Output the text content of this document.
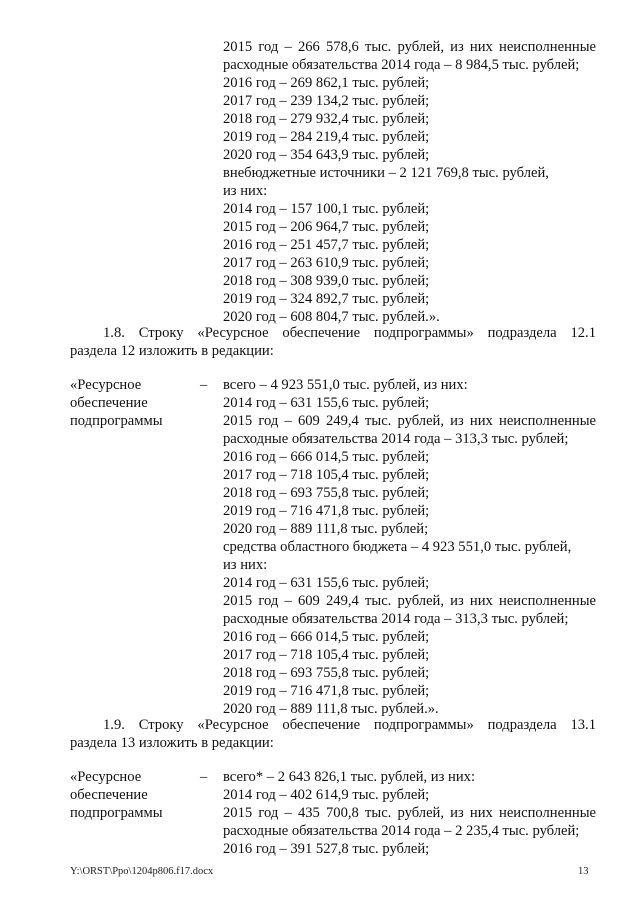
2015 год – 266 578,6 тыс. рублей, из них неисполненные
расходные обязательства 2014 года – 8 984,5 тыс. рублей;
2016 год – 269 862,1 тыс. рублей;
2017 год – 239 134,2 тыс. рублей;
2018 год – 279 932,4 тыс. рублей;
2019 год – 284 219,4 тыс. рублей;
2020 год – 354 643,9 тыс. рублей;
внебюджетные источники – 2 121 769,8 тыс. рублей,
из них:
2014 год – 157 100,1 тыс. рублей;
2015 год – 206 964,7 тыс. рублей;
2016 год – 251 457,7 тыс. рублей;
2017 год – 263 610,9 тыс. рублей;
2018 год – 308 939,0 тыс. рублей;
2019 год – 324 892,7 тыс. рублей;
2020 год – 608 804,7 тыс. рублей.».
1.8. Строку «Ресурсное обеспечение подпрограммы» подраздела 12.1
раздела 12 изложить в редакции:
«Ресурсное
обеспечение
подпрограммы
– всего – 4 923 551,0 тыс. рублей, из них:
2014 год – 631 155,6 тыс. рублей;
2015 год – 609 249,4 тыс. рублей, из них неисполненные
расходные обязательства 2014 года – 313,3 тыс. рублей;
2016 год – 666 014,5 тыс. рублей;
2017 год – 718 105,4 тыс. рублей;
2018 год – 693 755,8 тыс. рублей;
2019 год – 716 471,8 тыс. рублей;
2020 год – 889 111,8 тыс. рублей;
средства областного бюджета – 4 923 551,0 тыс. рублей,
из них:
2014 год – 631 155,6 тыс. рублей;
2015 год – 609 249,4 тыс. рублей, из них неисполненные
расходные обязательства 2014 года – 313,3 тыс. рублей;
2016 год – 666 014,5 тыс. рублей;
2017 год – 718 105,4 тыс. рублей;
2018 год – 693 755,8 тыс. рублей;
2019 год – 716 471,8 тыс. рублей;
2020 год – 889 111,8 тыс. рублей.».
1.9. Строку «Ресурсное обеспечение подпрограммы» подраздела 13.1
раздела 13 изложить в редакции:
«Ресурсное
обеспечение
подпрограммы
– всего* – 2 643 826,1 тыс. рублей, из них:
2014 год – 402 614,9 тыс. рублей;
2015 год – 435 700,8 тыс. рублей, из них неисполненные
расходные обязательства 2014 года – 2 235,4 тыс. рублей;
2016 год – 391 527,8 тыс. рублей;
Y:\ORST\Ppo\1204p806.f17.docx	13
